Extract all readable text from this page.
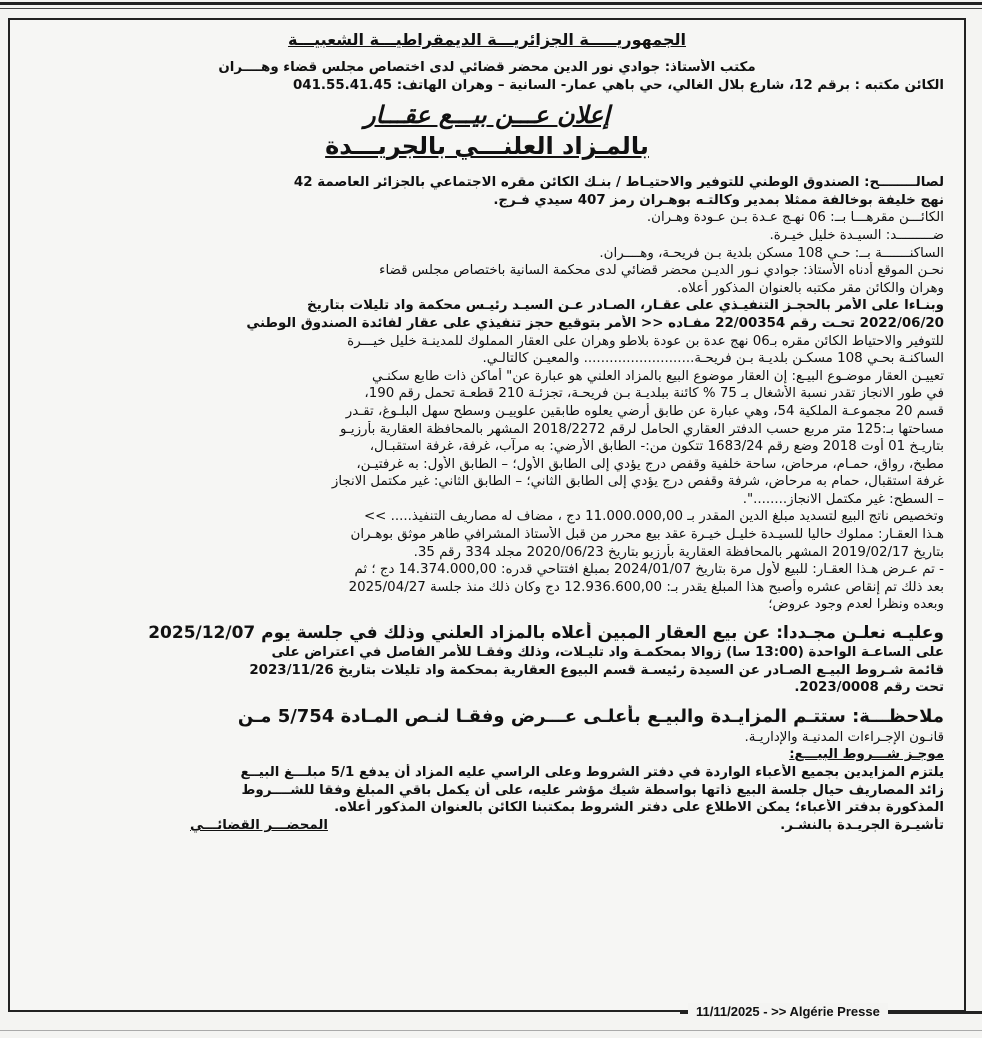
الجمهوريـــــة الجزائريـــة الديمقراطيـــة الشعبيـــة
مكتب الأستاذ: جوادي نور الدين محضر قضائي لدى اختصاص مجلس قضاء وهــــران
الكائن مكتبه : برقم 12، شارع بلال الغالي، حي باهي عمار- السانية – وهران الهاتف: 041.55.41.45
إعلان عـــن بيـــع عقـــار
بالمـزاد العلنـــي بالجريـــدة
لصالــــــــح: الصندوق الوطني للتوفير والاحتيـاط / بنـك الكائن مقره الاجتماعي بالجزائر العاصمة 42
نهج خليفة بوخالفة ممثلا بمدير وكالتـه بوهـران رمز 407 سيدي فـرج.
الكائـــن مقرهـــا بــ: 06 نهـج عـدة بـن عـودة وهـران.
ضـــــــــد: السيـدة خليل خيـرة.
الساكنـــــــة بــ: حـي 108 مسكن بلدية بـن فريحـة، وهــــران.
نحـن الموقع أدناه الأستاذ: جوادي نـور الديـن محضر قضائي لدى محكمة السانية باختصاص مجلس قضاء
وهران والكائن مقر مكتبه بالعنوان المذكور أعلاه.
وبنـاءا على الأمر بالحجـز التنفيـذي على عقـار، الصـادر عـن السيـد رئيـس محكمة واد تليلات بتاريخ
2022/06/20 تحـت رقم 22/00354 مفـاده << الأمر بتوقيع حجز تنفيذي على عقار لفائدة الصندوق الوطني
للتوفير والاحتياط الكائن مقره بـ06 نهج عدة بن عودة بلاطو وهران على العقار المملوك للمدينـة خليل خيـــرة
الساكنـة بحـي 108 مسكـن بلديـة بـن فريحـة.......................... والمعيـن كالتالـي.
تعييـن العقار موضـوع البيـع: إن العقار موضوع البيع بالمزاد العلني هو عبارة عن" أماكن ذات طابع سكنـي
في طور الانجاز تقدر نسبة الأشغال بـ 75 % كائنة ببلديـة بـن فريحـة، تجزئـة 210 قطعـة تحمل رقم 190،
قسم 20 مجموعـة الملكية 54، وهي عبارة عن طابق أرضي يعلوه طابقين علوييـن وسطح سهل البلـوغ، تقـدر
مساحتها بـ:125 متر مربع حسب الدفتر العقاري الحامل لرقم 2018/2272 المشهر بالمحافظة العقارية بأرزيـو
بتاريـخ 01 أوت 2018 وضع رقم 1683/24 تتكون من:- الطابق الأرضي: به مرآب، غرفة، غرفة استقبـال،
مطبخ، رواق، حمـام، مرحاض، ساحة خلفية وقفص درج يؤدي إلى الطابق الأول؛ – الطابق الأول: به غرفتيـن،
غرفة استقبال، حمام به مرحاض، شرفة وقفص درج يؤدي إلى الطابق الثاني؛ – الطابق الثاني: غير مكتمل الانجاز
– السطح: غير مكتمل الانجاز........".
وتخصيص ناتج البيع لتسديد مبلغ الدين المقدر بـ 11.000.000,00 دج ، مضاف له مصاريف التنفيذ..... >>
هـذا العقـار: مملوك حاليا للسيـدة خليـل خيـرة عقد بيع محرر من قبل الأستاذ المشرافي طاهر موثق بوهـران
بتاريخ 2019/02/17 المشهر بالمحافظة العقارية بأرزيو بتاريخ 2020/06/23 مجلد 334 رقم 35.
- تم عـرض هـذا العقـار: للبيع لأول مرة بتاريخ 2024/01/07 بمبلغ افتتاحي قدره: 14.374.000,00 دج ؛ ثم
بعد ذلك تم إنقاص عشره وأصبح هذا المبلغ يقدر بـ: 12.936.600,00 دج وكان ذلك منذ جلسة 2025/04/27
وبعده ونظرا لعدم وجود عروض؛
وعليـه نعلـن مجـددا: عن بيع العقار المبين أعلاه بالمزاد العلني وذلك في جلسة يوم 2025/12/07
على الساعـة الواحدة (13:00 سا) زوالا بمحكمـة واد تليـلات، وذلك وفقـا للأمر الفاصل في اعتراض على
قائمة شـروط البيـع الصـادر عن السيدة رئيسـة قسم البيوع العقارية بمحكمة واد تليلات بتاريخ 2023/11/26
تحت رقم 2023/0008.
ملاحظـــة: ستتـم المزايـدة والبيـع بأعلـى عـــرض وفقـا لنـص المـادة 5/754 مـن
قانـون الإجـراءات المدنيـة والإداريـة.
موجـز شـــروط البيـــع:
يلتزم المزايدين بجميع الأعباء الواردة في دفتر الشروط وعلى الراسي عليه المزاد أن يدفع 5/1 مبلـــغ البيــع
زائد المصاريف حيال جلسة البيع ذاتها بواسطة شيك مؤشر عليه، على أن يكمل باقي المبلغ وفقا للشــــروط
المذكورة بدفتر الأعباء؛ يمكن الاطلاع على دفتر الشروط بمكتبنا الكائن بالعنوان المذكور أعلاه.
تأشيـرة الجريـدة بالنشـر.
المحضـــر القضائـــي
11/11/2025 - >> Algérie Presse
